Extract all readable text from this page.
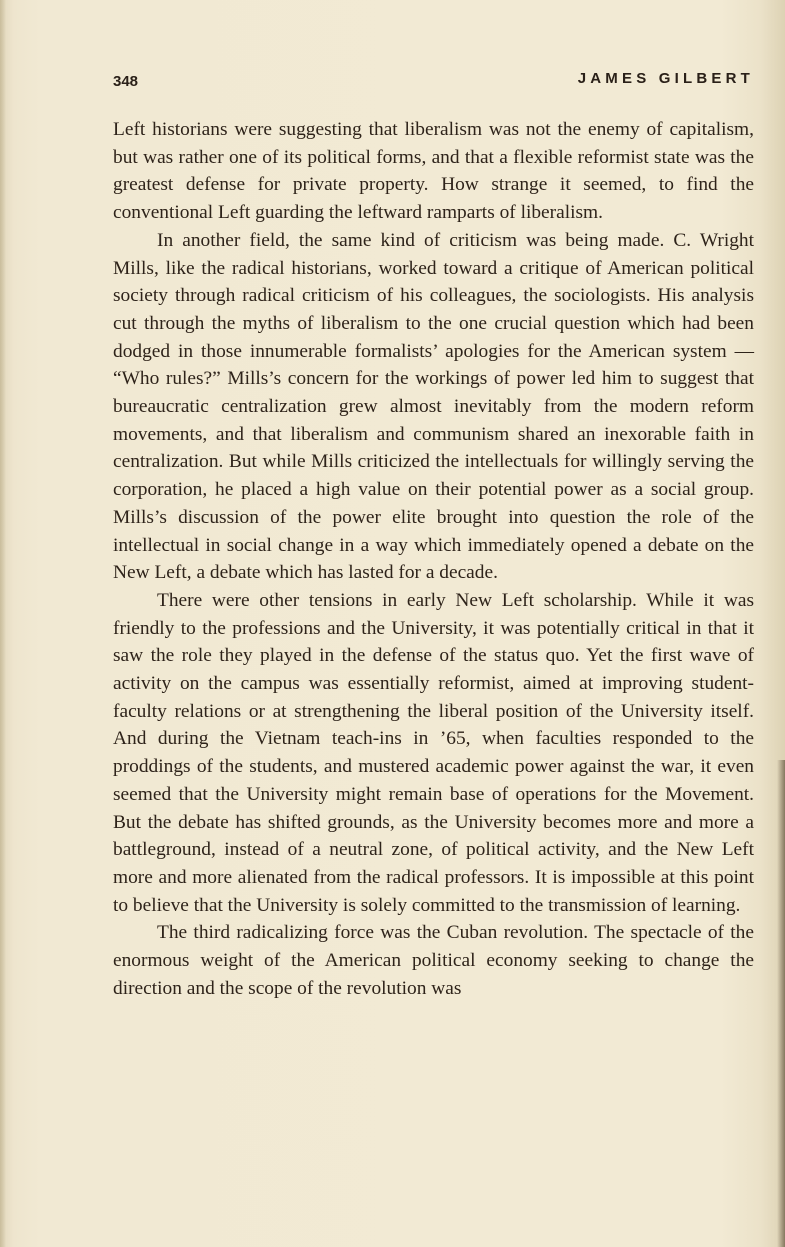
348	JAMES GILBERT

Left historians were suggesting that liberalism was not the enemy of capitalism, but was rather one of its political forms, and that a flexible reformist state was the greatest defense for private property. How strange it seemed, to find the conventional Left guarding the leftward ramparts of liberalism.

In another field, the same kind of criticism was being made. C. Wright Mills, like the radical historians, worked toward a critique of American political society through radical criticism of his colleagues, the sociologists. His analysis cut through the myths of liberalism to the one crucial question which had been dodged in those innumerable formalists’ apologies for the American system — “Who rules?” Mills’s concern for the workings of power led him to suggest that bureaucratic centralization grew almost inevitably from the modern reform movements, and that liberalism and communism shared an inexorable faith in centralization. But while Mills criticized the intellectuals for willingly serving the corporation, he placed a high value on their potential power as a social group. Mills’s discussion of the power elite brought into question the role of the intellectual in social change in a way which immediately opened a debate on the New Left, a debate which has lasted for a decade.

There were other tensions in early New Left scholarship. While it was friendly to the professions and the University, it was potentially critical in that it saw the role they played in the defense of the status quo. Yet the first wave of activity on the campus was essentially reformist, aimed at improving student-faculty relations or at strengthening the liberal position of the University itself. And during the Vietnam teach-ins in ’65, when faculties responded to the proddings of the students, and mustered academic power against the war, it even seemed that the University might remain base of operations for the Movement. But the debate has shifted grounds, as the University becomes more and more a battleground, instead of a neutral zone, of political activity, and the New Left more and more alienated from the radical professors. It is impossible at this point to believe that the University is solely committed to the transmission of learning.

The third radicalizing force was the Cuban revolution. The spectacle of the enormous weight of the American political economy seeking to change the direction and the scope of the revolution was
